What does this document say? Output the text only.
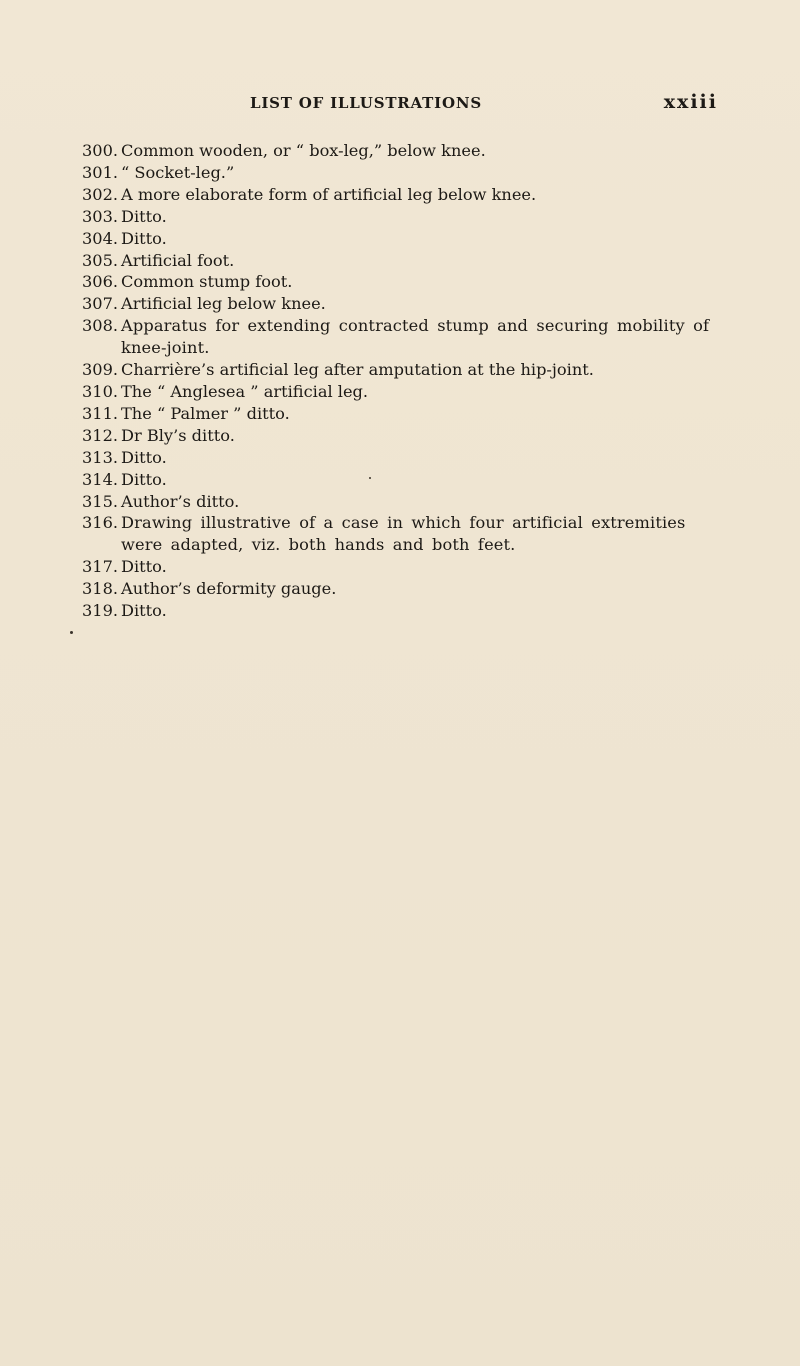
LIST OF ILLUSTRATIONS	xxiii
300. Common wooden, or “ box-leg,” below knee.
301. “ Socket-leg.”
302. A more elaborate form of artificial leg below knee.
303. Ditto.
304. Ditto.
305. Artificial foot.
306. Common stump foot.
307. Artificial leg below knee.
308. Apparatus for extending contracted stump and securing mobility of knee-joint.
309. Charrière’s artificial leg after amputation at the hip-joint.
310. The “ Anglesea ” artificial leg.
311. The “ Palmer ” ditto.
312. Dr Bly’s ditto.
313. Ditto.
314. Ditto.
315. Author’s ditto.
316. Drawing illustrative of a case in which four artificial extremities were adapted, viz. both hands and both feet.
317. Ditto.
318. Author’s deformity gauge.
319. Ditto.
